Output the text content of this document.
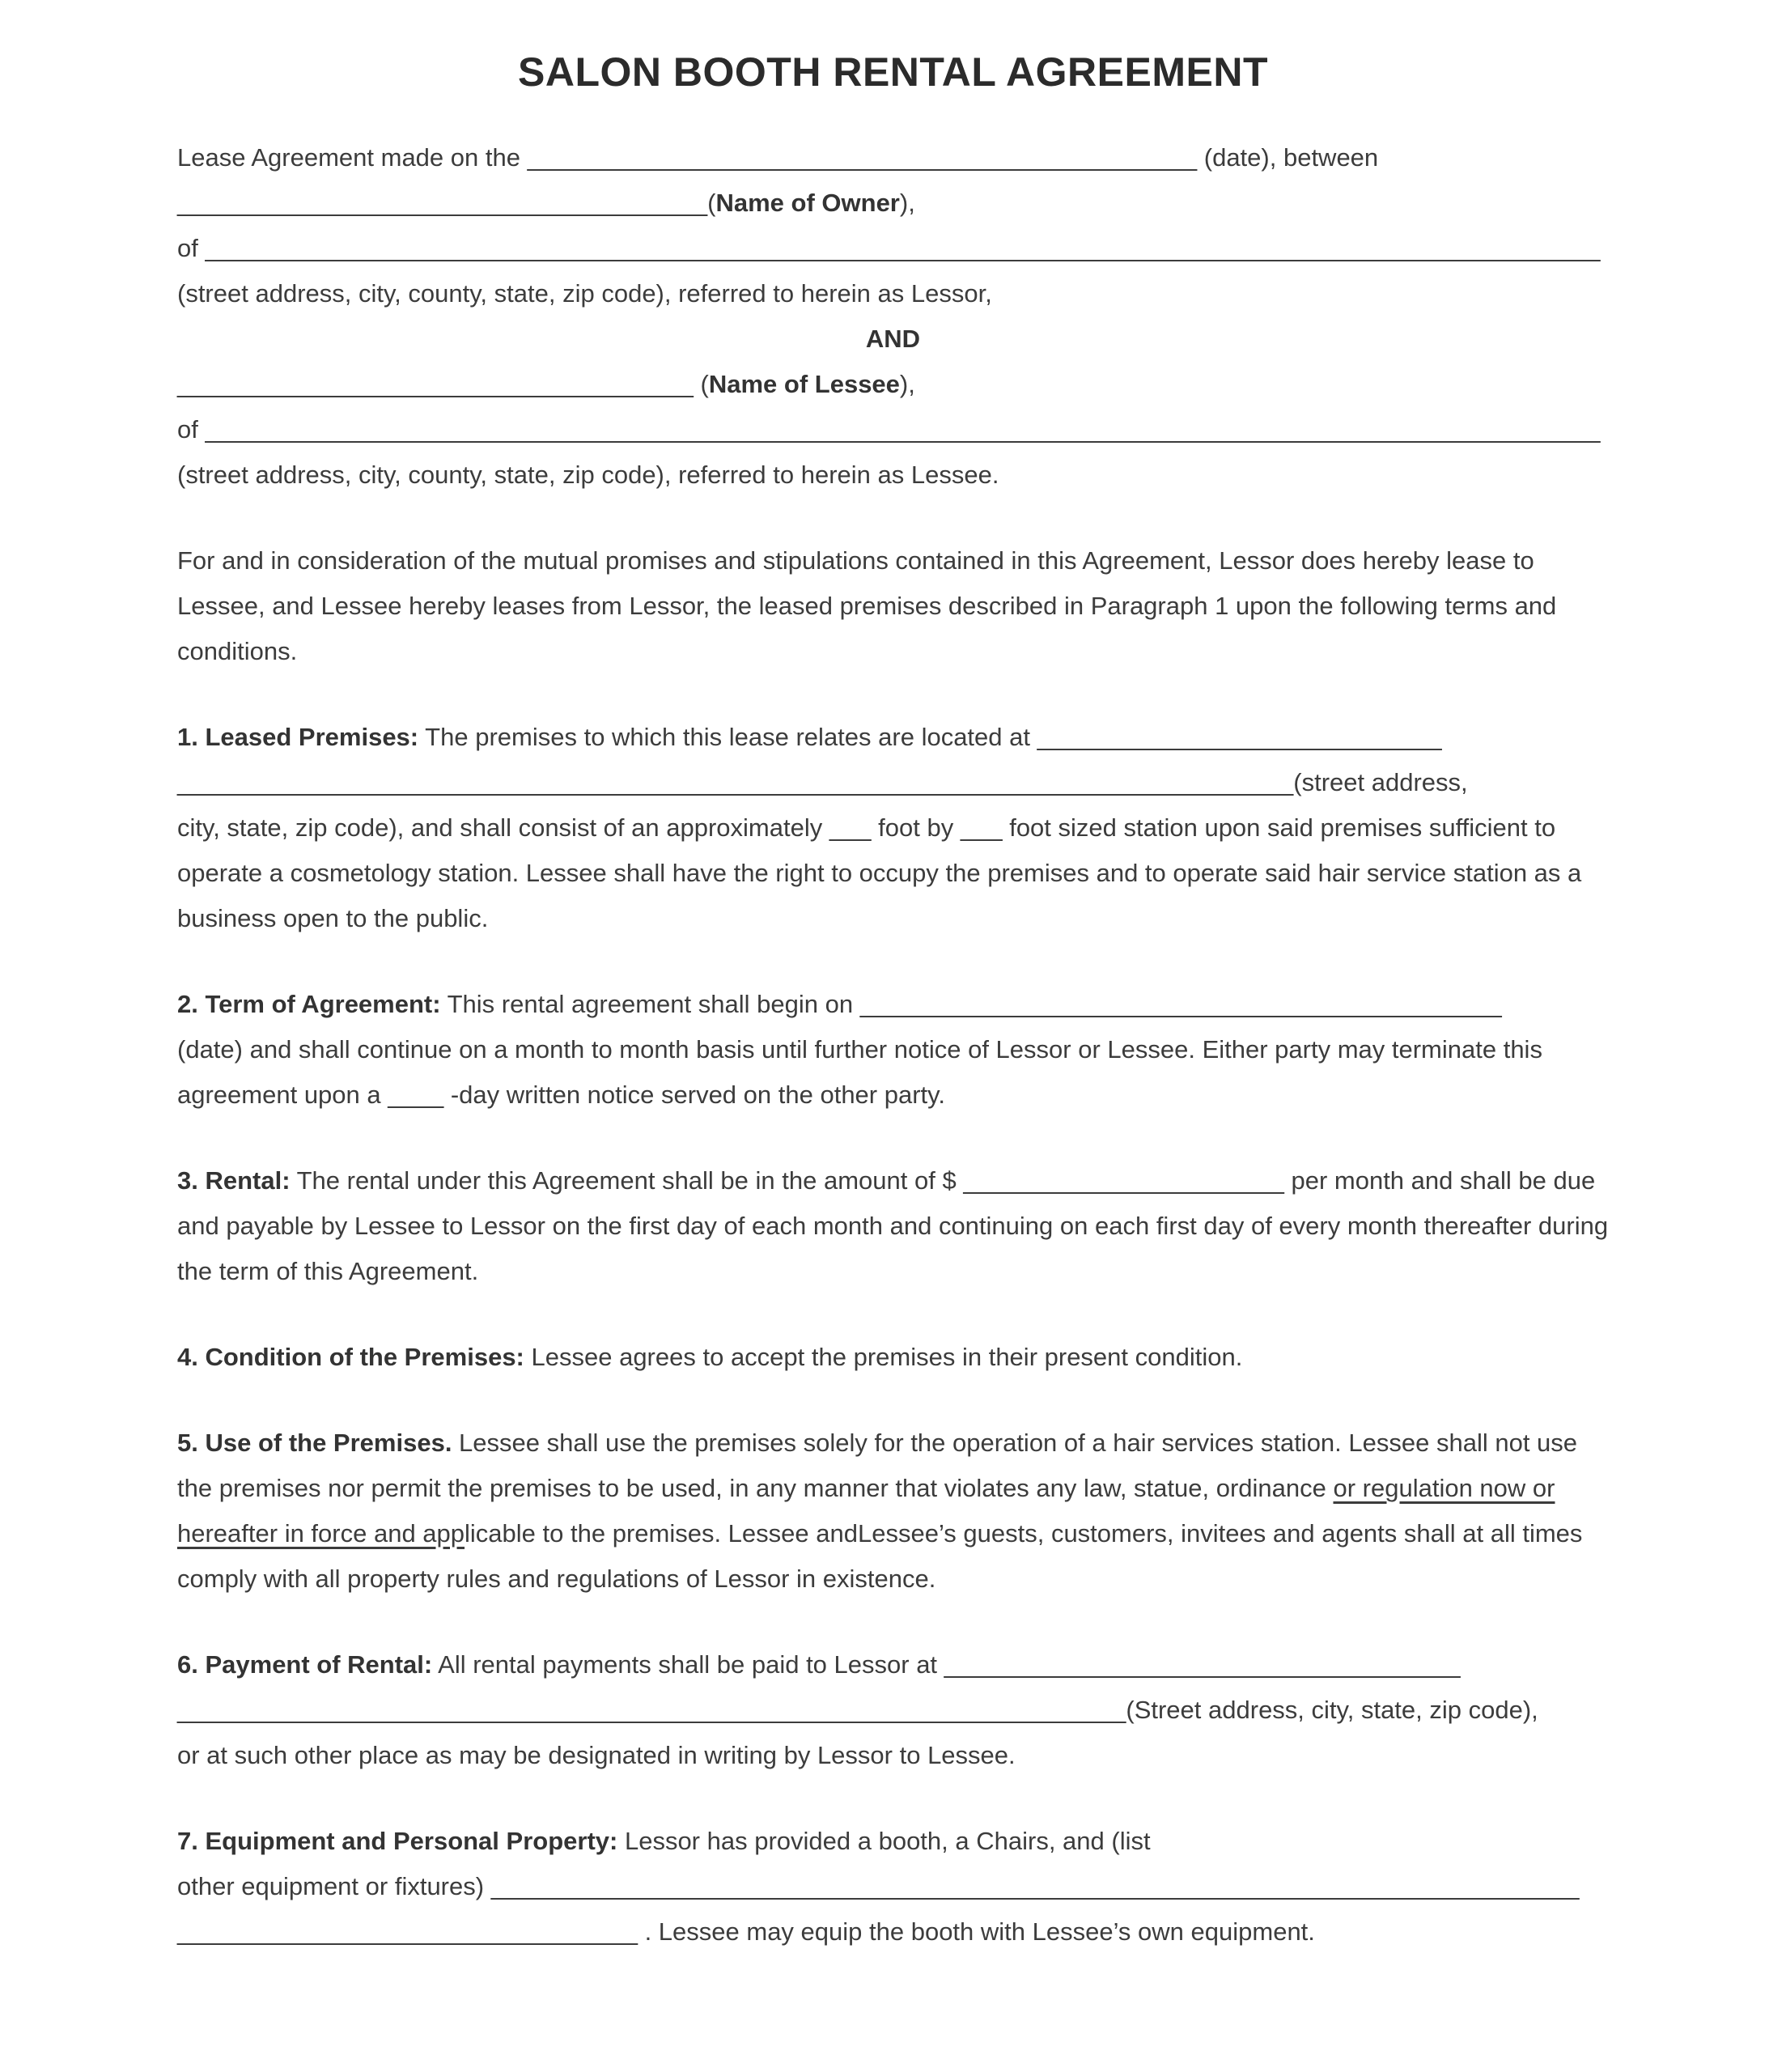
SALON BOOTH RENTAL AGREEMENT
Lease Agreement made on the ________________________________________________ (date), between
______________________________________(Name of Owner),
of ____________________________________________________________________________________________________
(street address, city, county, state, zip code), referred to herein as Lessor,
AND
_____________________________________ (Name of Lessee),
of ____________________________________________________________________________________________________
(street address, city, county, state, zip code), referred to herein as Lessee.

For and in consideration of the mutual promises and stipulations contained in this Agreement, Lessor does hereby lease to Lessee, and Lessee hereby leases from Lessor, the leased premises described in Paragraph 1 upon the following terms and conditions.

1. Leased Premises: The premises to which this lease relates are located at _____________________________
________________________________________________________________________________(street address,
city, state, zip code), and shall consist of an approximately ___ foot by ___ foot sized station upon said premises sufficient to operate a cosmetology station. Lessee shall have the right to occupy the premises and to operate said hair service station as a business open to the public.

2. Term of Agreement: This rental agreement shall begin on ______________________________________________
(date) and shall continue on a month to month basis until further notice of Lessor or Lessee. Either party may terminate this agreement upon a ____ -day written notice served on the other party.

3. Rental: The rental under this Agreement shall be in the amount of $ _______________________ per month and shall be due and payable by Lessee to Lessor on the first day of each month and continuing on each first day of every month thereafter during the term of this Agreement.

4. Condition of the Premises: Lessee agrees to accept the premises in their present condition.

5. Use of the Premises. Lessee shall use the premises solely for the operation of a hair services station. Lessee shall not use the premises nor permit the premises to be used, in any manner that violates any law, statue, ordinance or regulation now or hereafter in force and applicable to the premises. Lessee andLessee’s guests, customers, invitees and agents shall at all times comply with all property rules and regulations of Lessor in existence.

6. Payment of Rental: All rental payments shall be paid to Lessor at _____________________________________
____________________________________________________________________(Street address, city, state, zip code),
or at such other place as may be designated in writing by Lessor to Lessee.

7. Equipment and Personal Property: Lessor has provided a booth, a Chairs, and (list
other equipment or fixtures) ______________________________________________________________________________
_________________________________ . Lessee may equip the booth with Lessee’s own equipment.
